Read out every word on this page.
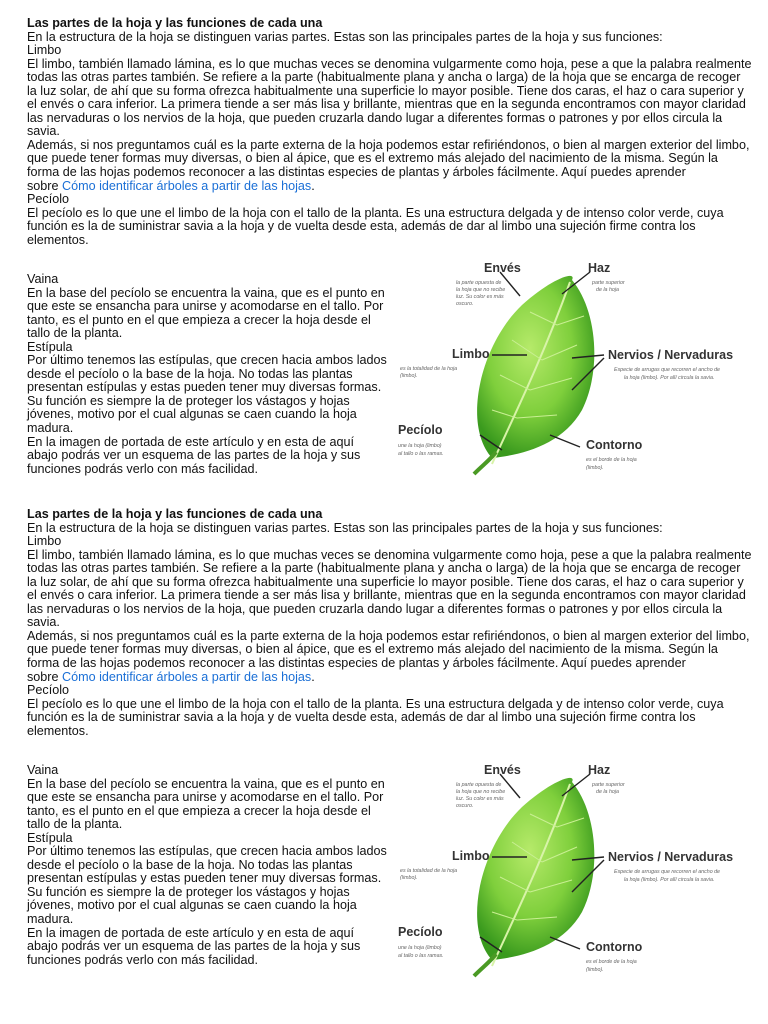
Las partes de la hoja y las funciones de cada una

En la estructura de la hoja se distinguen varias partes. Estas son las principales partes de la hoja y sus funciones:

Limbo

El limbo, también llamado lámina, es lo que muchas veces se denomina vulgarmente como hoja, pese a que la palabra realmente todas las otras partes también. Se refiere a la parte (habitualmente plana y ancha o larga) de la hoja que se encarga de recoger la luz solar, de ahí que su forma ofrezca habitualmente una superficie lo mayor posible. Tiene dos caras, el haz o cara superior y el envés o cara inferior. La primera tiende a ser más lisa y brillante, mientras que en la segunda encontramos con mayor claridad las nervaduras o los nervios de la hoja, que pueden cruzarla dando lugar a diferentes formas o patrones y por ellos circula la savia.

Además, si nos preguntamos cuál es la parte externa de la hoja podemos estar refiriéndonos, o bien al margen exterior del limbo, que puede tener formas muy diversas, o bien al ápice, que es el extremo más alejado del nacimiento de la misma. Según la forma de las hojas podemos reconocer a las distintas especies de plantas y árboles fácilmente. Aquí puedes aprender

sobre Cómo identificar árboles a partir de las hojas.

Pecíolo

El pecíolo es lo que une el limbo de la hoja con el tallo de la planta. Es una estructura delgada y de intenso color verde, cuya función es la de suministrar savia a la hoja y de vuelta desde esta, además de dar al limbo una sujeción firme contra los elementos.

Vaina

En la base del pecíolo se encuentra la vaina, que es el punto en que este se ensancha para unirse y acomodarse en el tallo. Por tanto, es el punto en el que empieza a crecer la hoja desde el tallo de la planta.

Estípula

Por último tenemos las estípulas, que crecen hacia ambos lados desde el pecíolo o la base de la hoja. No todas las plantas presentan estípulas y estas pueden tener muy diversas formas. Su función es siempre la de proteger los vástagos y hojas jóvenes, motivo por el cual algunas se caen cuando la hoja madura.

En la imagen de portada de este artículo y en esta de aquí abajo podrás ver un esquema de las partes de la hoja y sus funciones podrás verlo con más facilidad.

Envés
la parte opuesta de la hoja que no recibe luz. Su color es más oscuro.
Haz
parte superior de la hoja
Limbo
es la totalidad de la hoja (limbo).
Nervios / Nervaduras
Especie de arrugas que recorren el ancho de la hoja (limbo). Por allí circula la savia.
Pecíolo
une la hoja (limbo) al tallo o las ramas.
Contorno
es el borde de la hoja (limbo).

Las partes de la hoja y las funciones de cada una

En la estructura de la hoja se distinguen varias partes. Estas son las principales partes de la hoja y sus funciones:

Limbo

El limbo, también llamado lámina, es lo que muchas veces se denomina vulgarmente como hoja, pese a que la palabra realmente todas las otras partes también. Se refiere a la parte (habitualmente plana y ancha o larga) de la hoja que se encarga de recoger la luz solar, de ahí que su forma ofrezca habitualmente una superficie lo mayor posible. Tiene dos caras, el haz o cara superior y el envés o cara inferior. La primera tiende a ser más lisa y brillante, mientras que en la segunda encontramos con mayor claridad las nervaduras o los nervios de la hoja, que pueden cruzarla dando lugar a diferentes formas o patrones y por ellos circula la savia.

Además, si nos preguntamos cuál es la parte externa de la hoja podemos estar refiriéndonos, o bien al margen exterior del limbo, que puede tener formas muy diversas, o bien al ápice, que es el extremo más alejado del nacimiento de la misma. Según la forma de las hojas podemos reconocer a las distintas especies de plantas y árboles fácilmente. Aquí puedes aprender

sobre Cómo identificar árboles a partir de las hojas.

Pecíolo

El pecíolo es lo que une el limbo de la hoja con el tallo de la planta. Es una estructura delgada y de intenso color verde, cuya función es la de suministrar savia a la hoja y de vuelta desde esta, además de dar al limbo una sujeción firme contra los elementos.

Vaina

En la base del pecíolo se encuentra la vaina, que es el punto en que este se ensancha para unirse y acomodarse en el tallo. Por tanto, es el punto en el que empieza a crecer la hoja desde el tallo de la planta.

Estípula

Por último tenemos las estípulas, que crecen hacia ambos lados desde el pecíolo o la base de la hoja. No todas las plantas presentan estípulas y estas pueden tener muy diversas formas. Su función es siempre la de proteger los vástagos y hojas jóvenes, motivo por el cual algunas se caen cuando la hoja madura.

En la imagen de portada de este artículo y en esta de aquí abajo podrás ver un esquema de las partes de la hoja y sus funciones podrás verlo con más facilidad.

Envés
la parte opuesta de la hoja que no recibe luz. Su color es más oscuro.
Haz
parte superior de la hoja
Limbo
es la totalidad de la hoja (limbo).
Nervios / Nervaduras
Especie de arrugas que recorren el ancho de la hoja (limbo). Por allí circula la savia.
Pecíolo
une la hoja (limbo) al tallo o las ramas.
Contorno
es el borde de la hoja (limbo).
